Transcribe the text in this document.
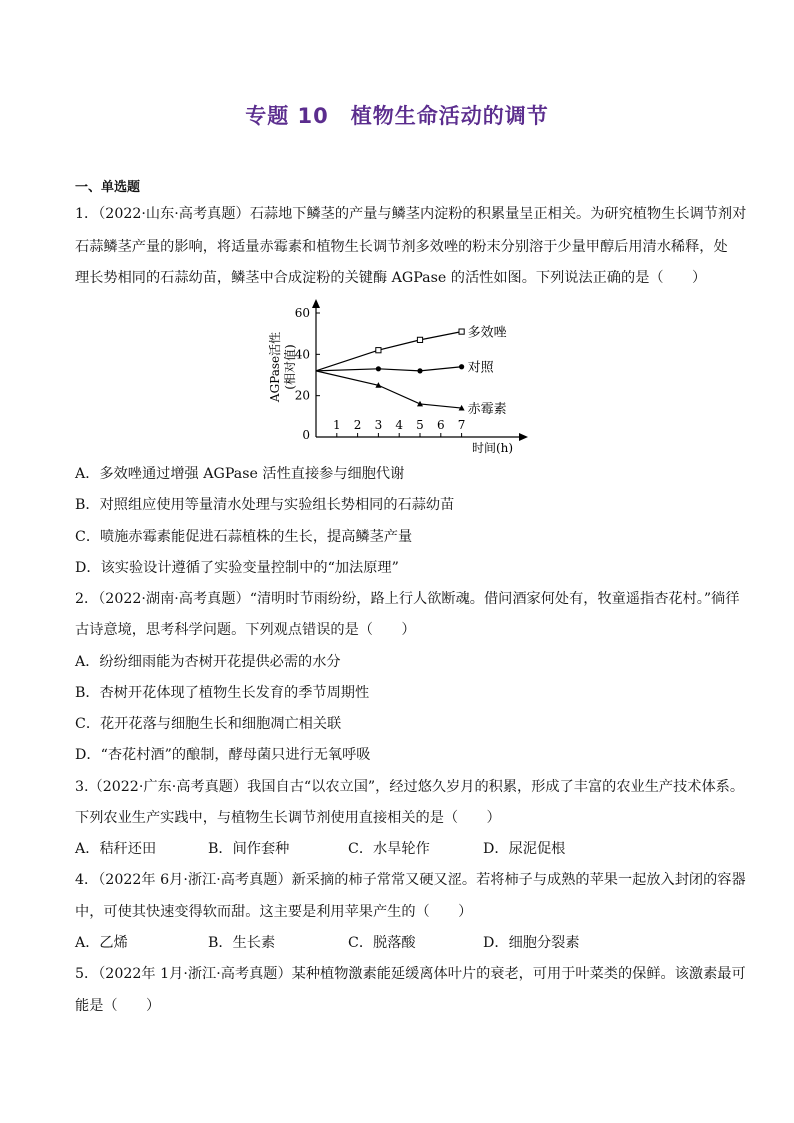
专题 10 植物生命活动的调节
一、单选题
1．（2022·山东·高考真题）石蒜地下鳞茎的产量与鳞茎内淀粉的积累量呈正相关。为研究植物生长调节剂对
石蒜鳞茎产量的影响，将适量赤霉素和植物生长调节剂多效唑的粉末分别溶于少量甲醇后用清水稀释，处
理长势相同的石蒜幼苗，鳞茎中合成淀粉的关键酶 AGPase 的活性如图。下列说法正确的是（　　）
0
20
40
60
1 2 3 4 5 6 7
多效唑
对照
赤霉素
AGPase活性 (相对值)
时间(h)
A．多效唑通过增强 AGPase 活性直接参与细胞代谢
B．对照组应使用等量清水处理与实验组长势相同的石蒜幼苗
C．喷施赤霉素能促进石蒜植株的生长，提高鳞茎产量
D．该实验设计遵循了实验变量控制中的“加法原理”
2．（2022·湖南·高考真题）“清明时节雨纷纷，路上行人欲断魂。借问酒家何处有，牧童遥指杏花村。”徜徉
古诗意境，思考科学问题。下列观点错误的是（　　）
A．纷纷细雨能为杏树开花提供必需的水分
B．杏树开花体现了植物生长发育的季节周期性
C．花开花落与细胞生长和细胞凋亡相关联
D．“杏花村酒”的酿制，酵母菌只进行无氧呼吸
3.（2022·广东·高考真题）我国自古“以农立国”，经过悠久岁月的积累，形成了丰富的农业生产技术体系。
下列农业生产实践中，与植物生长调节剂使用直接相关的是（　　）
A．秸秆还田	B．间作套种	C．水旱轮作	D．尿泥促根
4．（2022年 6月·浙江·高考真题）新采摘的柿子常常又硬又涩。若将柿子与成熟的苹果一起放入封闭的容器
中，可使其快速变得软而甜。这主要是利用苹果产生的（　　）
A．乙烯	B．生长素	C．脱落酸	D．细胞分裂素
5．（2022年 1月·浙江·高考真题）某种植物激素能延缓离体叶片的衰老，可用于叶菜类的保鲜。该激素最可
能是（　　）
